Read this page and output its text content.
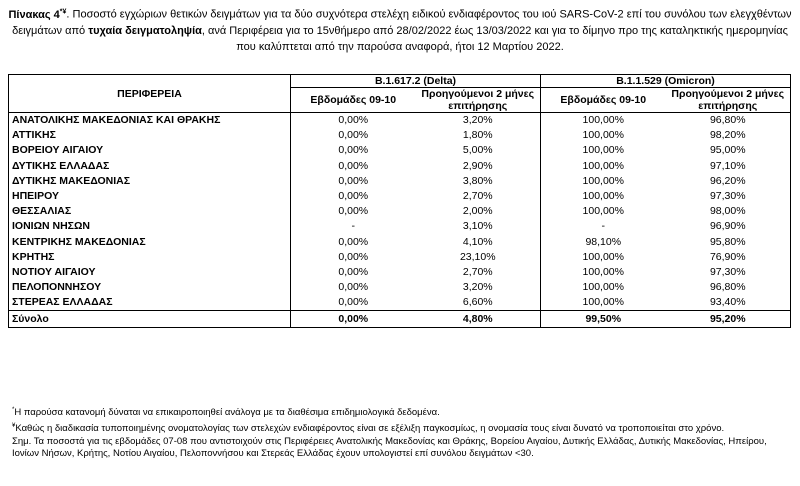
Πίνακας 4*¥. Ποσοστό εγχώριων θετικών δειγμάτων για τα δύο συχνότερα στελέχη ειδικού ενδιαφέροντος του ιού SARS-CoV-2 επί του συνόλου των ελεγχθέντων δειγμάτων από τυχαία δειγματοληψία, ανά Περιφέρεια για το 15νθήμερο από 28/02/2022 έως 13/03/2022 και για το δίμηνο προ της καταληκτικής ημερομηνίας που καλύπτεται από την παρούσα αναφορά, ήτοι 12 Μαρτίου 2022.
ΠΕΡΙΦΕΡΕΙΑ	B.1.617.2 (Delta)		B.1.1.529 (Omicron)	
	Εβδομάδες 09-10	Προηγούμενοι 2 μήνες επιτήρησης	Εβδομάδες 09-10	Προηγούμενοι 2 μήνες επιτήρησης
ΑΝΑΤΟΛΙΚΗΣ ΜΑΚΕΔΟΝΙΑΣ ΚΑΙ ΘΡΑΚΗΣ	0,00%	3,20%	100,00%	96,80%
ΑΤΤΙΚΗΣ	0,00%	1,80%	100,00%	98,20%
ΒΟΡΕΙΟΥ ΑΙΓΑΙΟΥ	0,00%	5,00%	100,00%	95,00%
ΔΥΤΙΚΗΣ ΕΛΛΑΔΑΣ	0,00%	2,90%	100,00%	97,10%
ΔΥΤΙΚΗΣ ΜΑΚΕΔΟΝΙΑΣ	0,00%	3,80%	100,00%	96,20%
ΗΠΕΙΡΟΥ	0,00%	2,70%	100,00%	97,30%
ΘΕΣΣΑΛΙΑΣ	0,00%	2,00%	100,00%	98,00%
ΙΟΝΙΩΝ ΝΗΣΩΝ	-	3,10%	-	96,90%
ΚΕΝΤΡΙΚΗΣ ΜΑΚΕΔΟΝΙΑΣ	0,00%	4,10%	98,10%	95,80%
ΚΡΗΤΗΣ	0,00%	23,10%	100,00%	76,90%
ΝΟΤΙΟΥ ΑΙΓΑΙΟΥ	0,00%	2,70%	100,00%	97,30%
ΠΕΛΟΠΟΝΝΗΣΟΥ	0,00%	3,20%	100,00%	96,80%
ΣΤΕΡΕΑΣ ΕΛΛΑΔΑΣ	0,00%	6,60%	100,00%	93,40%
Σύνολο	0,00%	4,80%	99,50%	95,20%

*Η παρούσα κατανομή δύναται να επικαιροποιηθεί ανάλογα με τα διαθέσιμα επιδημιολογικά δεδομένα.

¥Καθώς η διαδικασία τυποποιημένης ονοματολογίας των στελεχών ενδιαφέροντος είναι σε εξέλιξη παγκοσμίως, η ονομασία τους είναι δυνατό να τροποποιείται στο χρόνο.

Σημ. Τα ποσοστά για τις εβδομάδες 07-08 που αντιστοιχούν στις Περιφέρειες Ανατολικής Μακεδονίας και Θράκης, Βορείου Αιγαίου, Δυτικής Ελλάδας, Δυτικής Μακεδονίας, Ηπείρου, Ιονίων Νήσων, Κρήτης, Νοτίου Αιγαίου, Πελοποννήσου και Στερεάς Ελλάδας έχουν υπολογιστεί επί συνόλου δειγμάτων <30.
